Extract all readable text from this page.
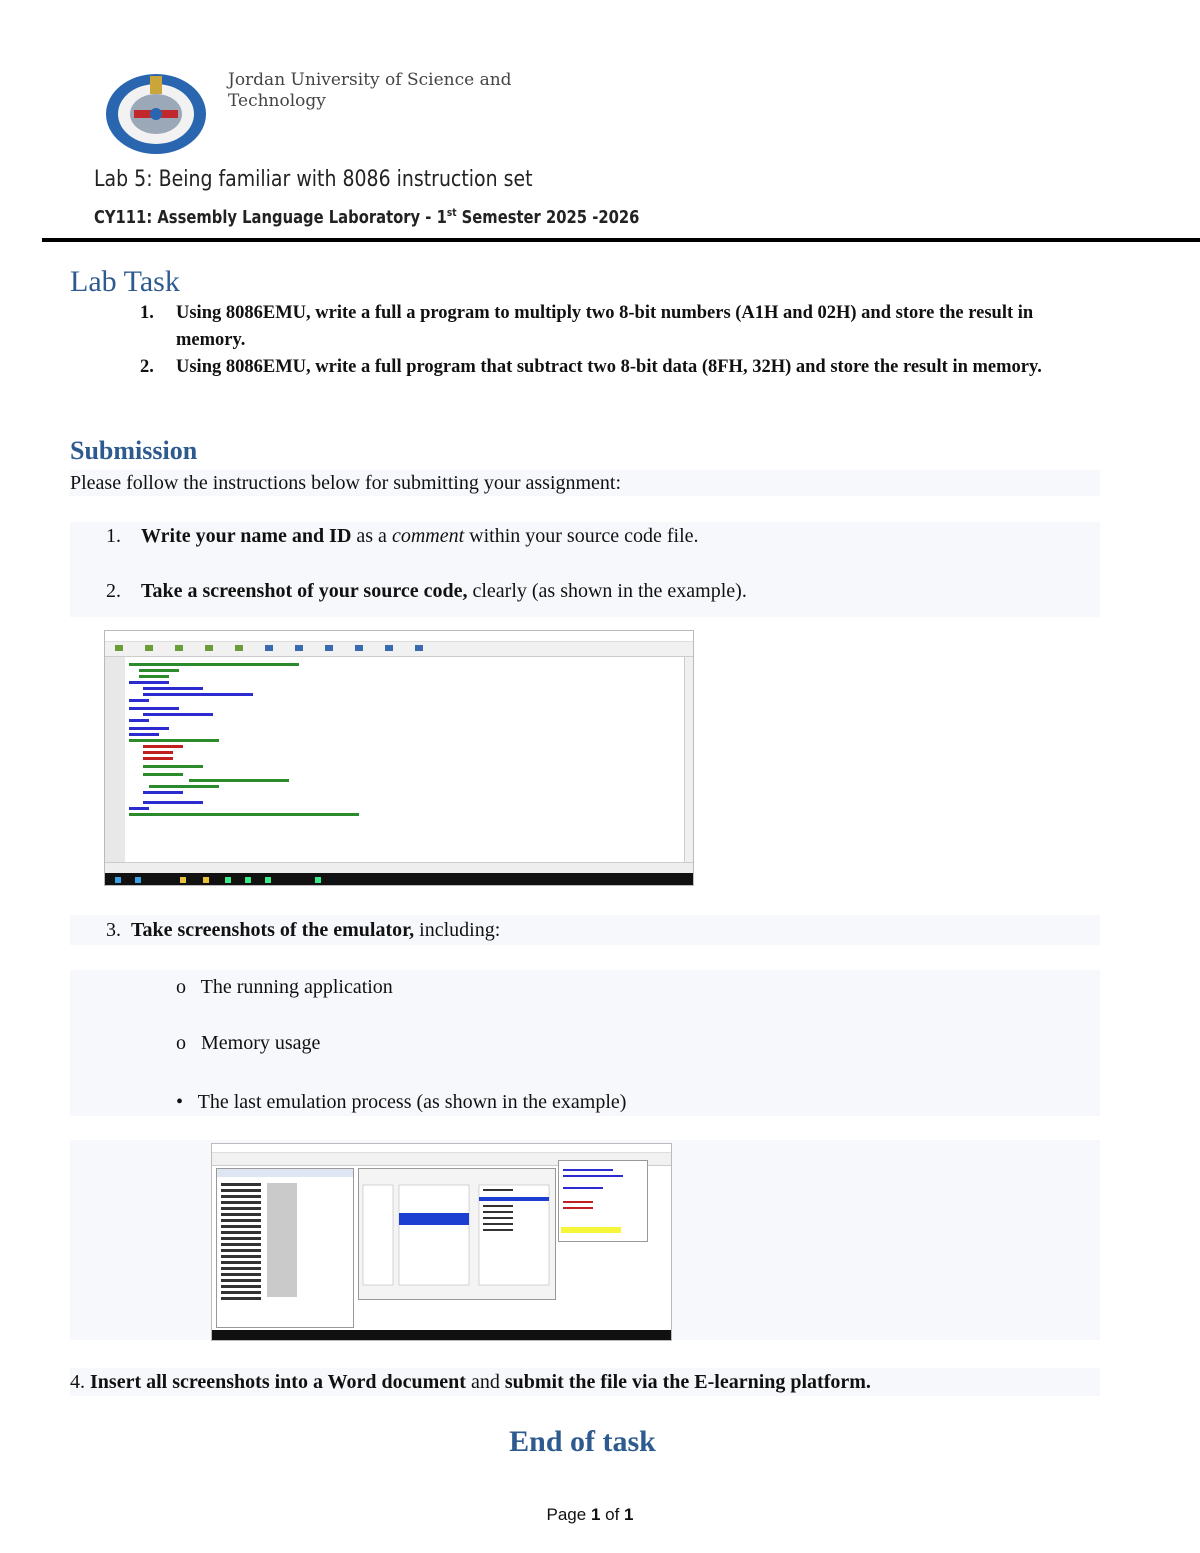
Jordan University of Science and
Technology
Lab 5: Being familiar with 8086 instruction set
CY111: Assembly Language Laboratory - 1st Semester 2025 -2026
Lab Task
1. Using 8086EMU, write a full a program to multiply two 8-bit numbers (A1H and 02H) and store the result in memory.
2. Using 8086EMU, write a full program that subtract two 8-bit data (8FH, 32H) and store the result in memory.
Submission
Please follow the instructions below for submitting your assignment:
1. Write your name and ID as a comment within your source code file.
2. Take a screenshot of your source code, clearly (as shown in the example).
3. Take screenshots of the emulator, including:
o The running application
o Memory usage
• The last emulation process (as shown in the example)
4. Insert all screenshots into a Word document and submit the file via the E-learning platform.
End of task
Page 1 of 1
